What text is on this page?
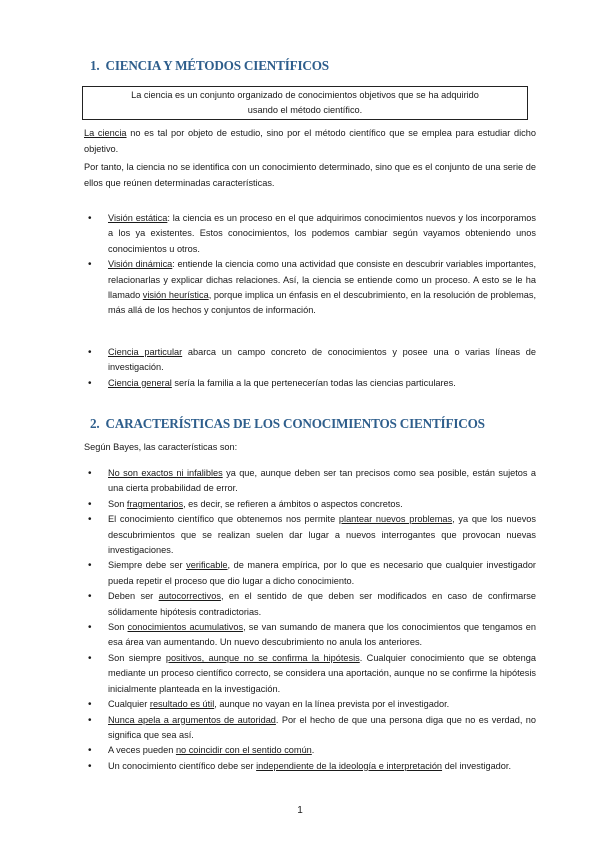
1. CIENCIA Y MÉTODOS CIENTÍFICOS
La ciencia es un conjunto organizado de conocimientos objetivos que se ha adquirido
usando el método científico.

La ciencia no es tal por objeto de estudio, sino por el método científico que se emplea para estudiar dicho objetivo.

Por tanto, la ciencia no se identifica con un conocimiento determinado, sino que es el conjunto de una serie de ellos que reúnen determinadas características.

• Visión estática: la ciencia es un proceso en el que adquirimos conocimientos nuevos y los incorporamos a los ya existentes. Estos conocimientos, los podemos cambiar según vayamos obteniendo unos conocimientos u otros.
• Visión dinámica: entiende la ciencia como una actividad que consiste en descubrir variables importantes, relacionarlas y explicar dichas relaciones. Así, la ciencia se entiende como un proceso. A esto se le ha llamado visión heurística, porque implica un énfasis en el descubrimiento, en la resolución de problemas, más allá de los hechos y conjuntos de información.
• Ciencia particular abarca un campo concreto de conocimientos y posee una o varias líneas de investigación.
• Ciencia general sería la familia a la que pertenecerían todas las ciencias particulares.
2. CARACTERÍSTICAS DE LOS CONOCIMIENTOS CIENTÍFICOS

Según Bayes, las características son:

• No son exactos ni infalibles ya que, aunque deben ser tan precisos como sea posible, están sujetos a una cierta probabilidad de error.
• Son fragmentarios, es decir, se refieren a ámbitos o aspectos concretos.
• El conocimiento científico que obtenemos nos permite plantear nuevos problemas, ya que los nuevos descubrimientos que se realizan suelen dar lugar a nuevos interrogantes que provocan nuevas investigaciones.
• Siempre debe ser verificable, de manera empírica, por lo que es necesario que cualquier investigador pueda repetir el proceso que dio lugar a dicho conocimiento.
• Deben ser autocorrectivos, en el sentido de que deben ser modificados en caso de confirmarse sólidamente hipótesis contradictorias.
• Son conocimientos acumulativos, se van sumando de manera que los conocimientos que tengamos en esa área van aumentando. Un nuevo descubrimiento no anula los anteriores.
• Son siempre positivos, aunque no se confirma la hipótesis. Cualquier conocimiento que se obtenga mediante un proceso científico correcto, se considera una aportación, aunque no se confirme la hipótesis inicialmente planteada en la investigación.
• Cualquier resultado es útil, aunque no vayan en la línea prevista por el investigador.
• Nunca apela a argumentos de autoridad. Por el hecho de que una persona diga que no es verdad, no significa que sea así.
• A veces pueden no coincidir con el sentido común.
• Un conocimiento científico debe ser independiente de la ideología e interpretación del investigador.
1
